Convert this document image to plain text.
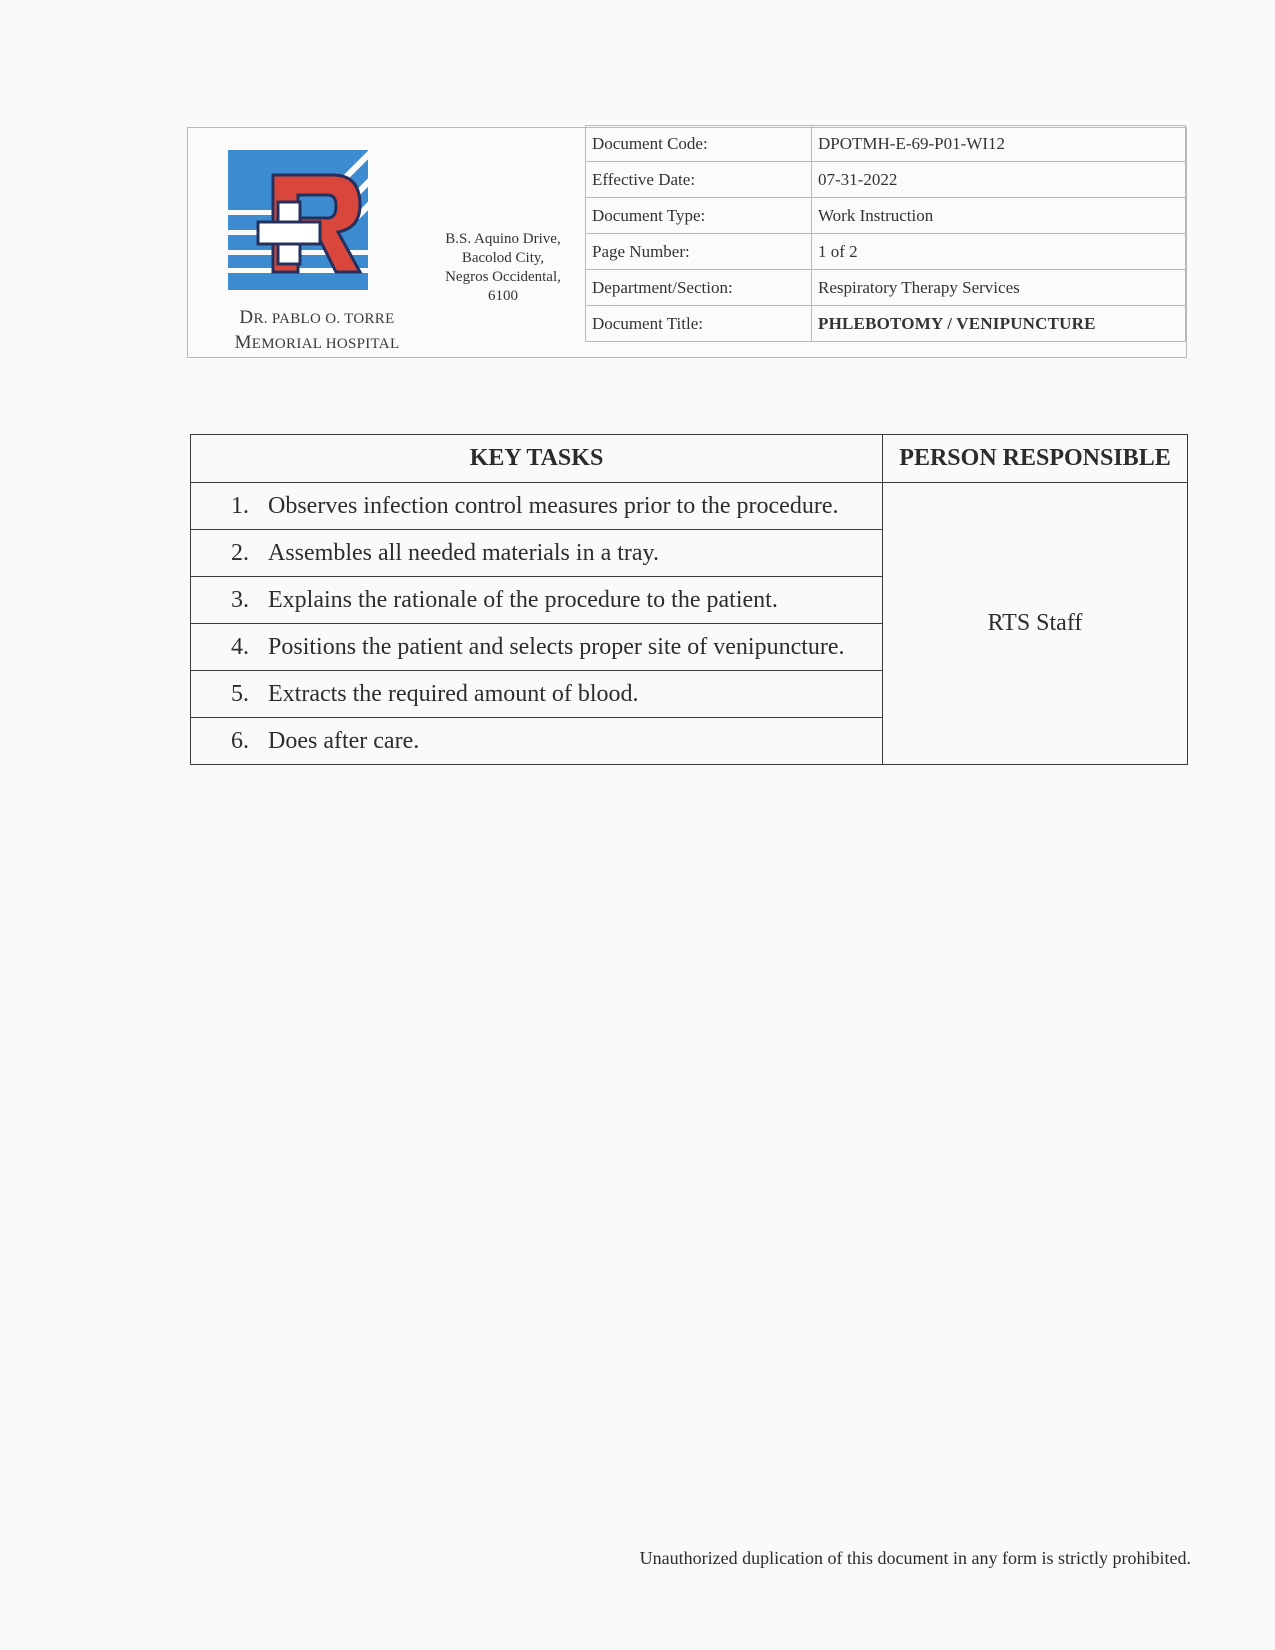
DR. PABLO O. TORRE
MEMORIAL HOSPITAL
B.S. Aquino Drive,
Bacolod City,
Negros Occidental,
6100
Document Code:	DPOTMH-E-69-P01-WI12
Effective Date:	07-31-2022
Document Type:	Work Instruction
Page Number:	1 of 2
Department/Section:	Respiratory Therapy Services
Document Title:	PHLEBOTOMY / VENIPUNCTURE
KEY TASKS	PERSON RESPONSIBLE

1. Observes infection control measures prior to the procedure.	RTS Staff

2. Assembles all needed materials in a tray.	

3. Explains the rationale of the procedure to the patient.	

4. Positions the patient and selects proper site of venipuncture.	

5. Extracts the required amount of blood.	

6. Does after care.	
Unauthorized duplication of this document in any form is strictly prohibited.
